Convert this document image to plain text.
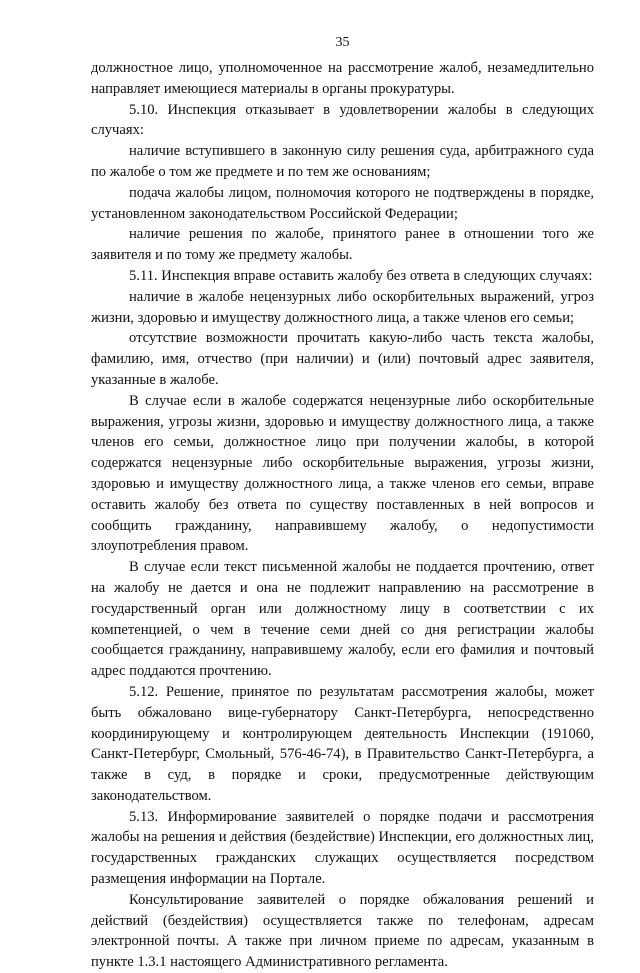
35

должностное лицо, уполномоченное на рассмотрение жалоб, незамедлительно направляет имеющиеся материалы в органы прокуратуры.

5.10. Инспекция отказывает в удовлетворении жалобы в следующих случаях:

наличие вступившего в законную силу решения суда, арбитражного суда по жалобе о том же предмете и по тем же основаниям;

подача жалобы лицом, полномочия которого не подтверждены в порядке, установленном законодательством Российской Федерации;

наличие решения по жалобе, принятого ранее в отношении того же заявителя и по тому же предмету жалобы.

5.11. Инспекция вправе оставить жалобу без ответа в следующих случаях:

наличие в жалобе нецензурных либо оскорбительных выражений, угроз жизни, здоровью и имуществу должностного лица, а также членов его семьи;

отсутствие возможности прочитать какую-либо часть текста жалобы, фамилию, имя, отчество (при наличии) и (или) почтовый адрес заявителя, указанные в жалобе.

В случае если в жалобе содержатся нецензурные либо оскорбительные выражения, угрозы жизни, здоровью и имуществу должностного лица, а также членов его семьи, должностное лицо при получении жалобы, в которой содержатся нецензурные либо оскорбительные выражения, угрозы жизни, здоровью и имуществу должностного лица, а также членов его семьи, вправе оставить жалобу без ответа по существу поставленных в ней вопросов и сообщить гражданину, направившему жалобу, о недопустимости злоупотребления правом.

В случае если текст письменной жалобы не поддается прочтению, ответ на жалобу не дается и она не подлежит направлению на рассмотрение в государственный орган или должностному лицу в соответствии с их компетенцией, о чем в течение семи дней со дня регистрации жалобы сообщается гражданину, направившему жалобу, если его фамилия и почтовый адрес поддаются прочтению.

5.12. Решение, принятое по результатам рассмотрения жалобы, может быть обжаловано вице-губернатору Санкт-Петербурга, непосредственно координирующему и контролирующем деятельность Инспекции (191060, Санкт-Петербург, Смольный, 576-46-74), в Правительство Санкт-Петербурга, а также в суд, в порядке и сроки, предусмотренные действующим законодательством.

5.13. Информирование заявителей о порядке подачи и рассмотрения жалобы на решения и действия (бездействие) Инспекции, его должностных лиц, государственных гражданских служащих осуществляется посредством размещения информации на Портале.

Консультирование заявителей о порядке обжалования решений и действий (бездействия) осуществляется также по телефонам, адресам электронной почты. А также при личном приеме по адресам, указанным в пункте 1.3.1 настоящего Административного регламента.
